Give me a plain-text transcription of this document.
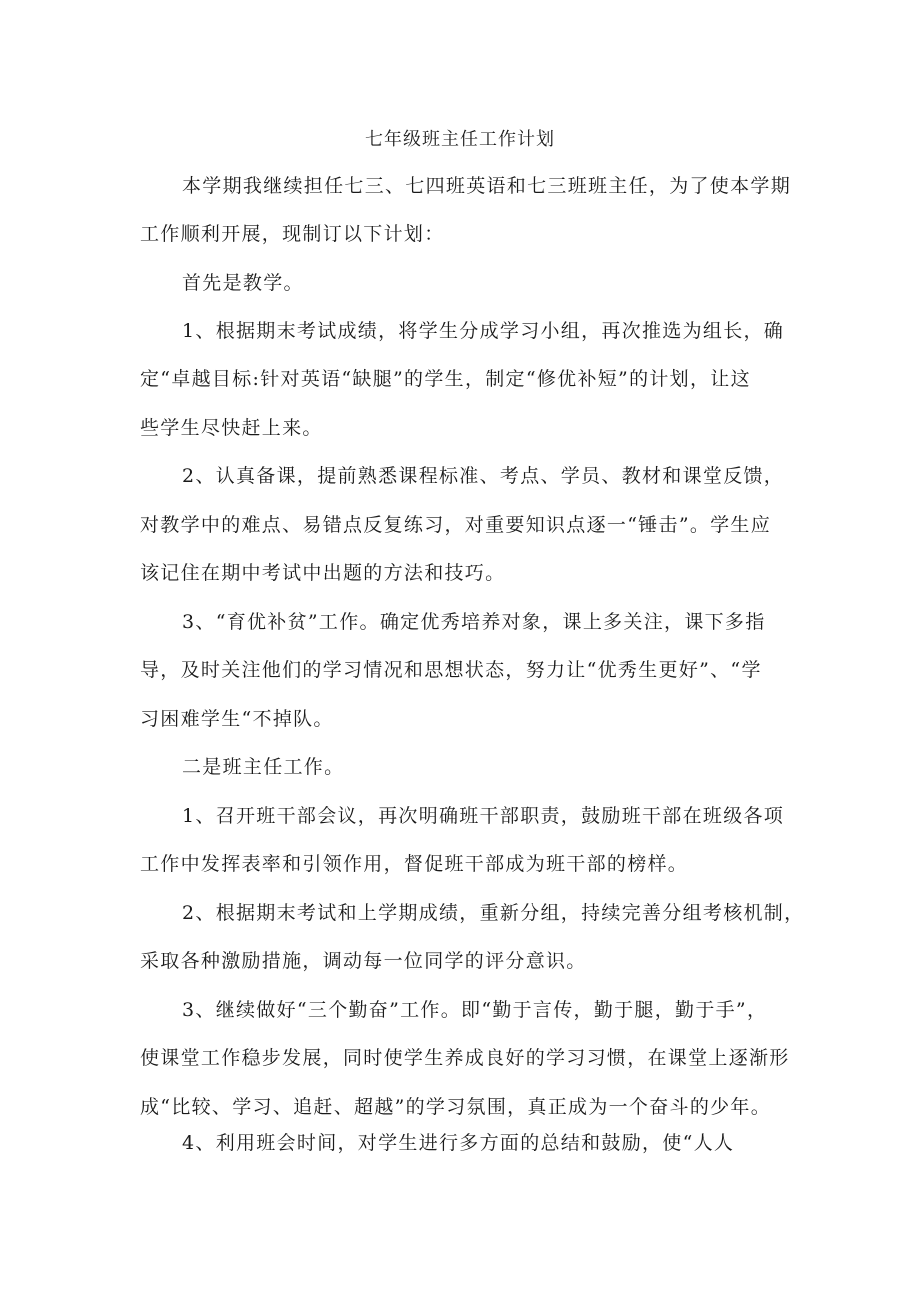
七年级班主任工作计划
本学期我继续担任七三、七四班英语和七三班班主任，为了使本学期
工作顺利开展，现制订以下计划：
首先是教学。
1、根据期末考试成绩，将学生分成学习小组，再次推选为组长，确
定“卓越目标:针对英语“缺腿”的学生，制定“修优补短”的计划，让这
些学生尽快赶上来。
2、认真备课，提前熟悉课程标准、考点、学员、教材和课堂反馈，
对教学中的难点、易错点反复练习，对重要知识点逐一“锤击”。学生应
该记住在期中考试中出题的方法和技巧。
3、“育优补贫”工作。确定优秀培养对象，课上多关注，课下多指
导，及时关注他们的学习情况和思想状态，努力让“优秀生更好”、“学
习困难学生“不掉队。
二是班主任工作。
1、召开班干部会议，再次明确班干部职责，鼓励班干部在班级各项
工作中发挥表率和引领作用，督促班干部成为班干部的榜样。
2、根据期末考试和上学期成绩，重新分组，持续完善分组考核机制，
采取各种激励措施，调动每一位同学的评分意识。
3、继续做好“三个勤奋”工作。即“勤于言传，勤于腿，勤于手”，
使课堂工作稳步发展，同时使学生养成良好的学习习惯，在课堂上逐渐形
成“比较、学习、追赶、超越”的学习氛围，真正成为一个奋斗的少年。
4、利用班会时间，对学生进行多方面的总结和鼓励，使“人人
